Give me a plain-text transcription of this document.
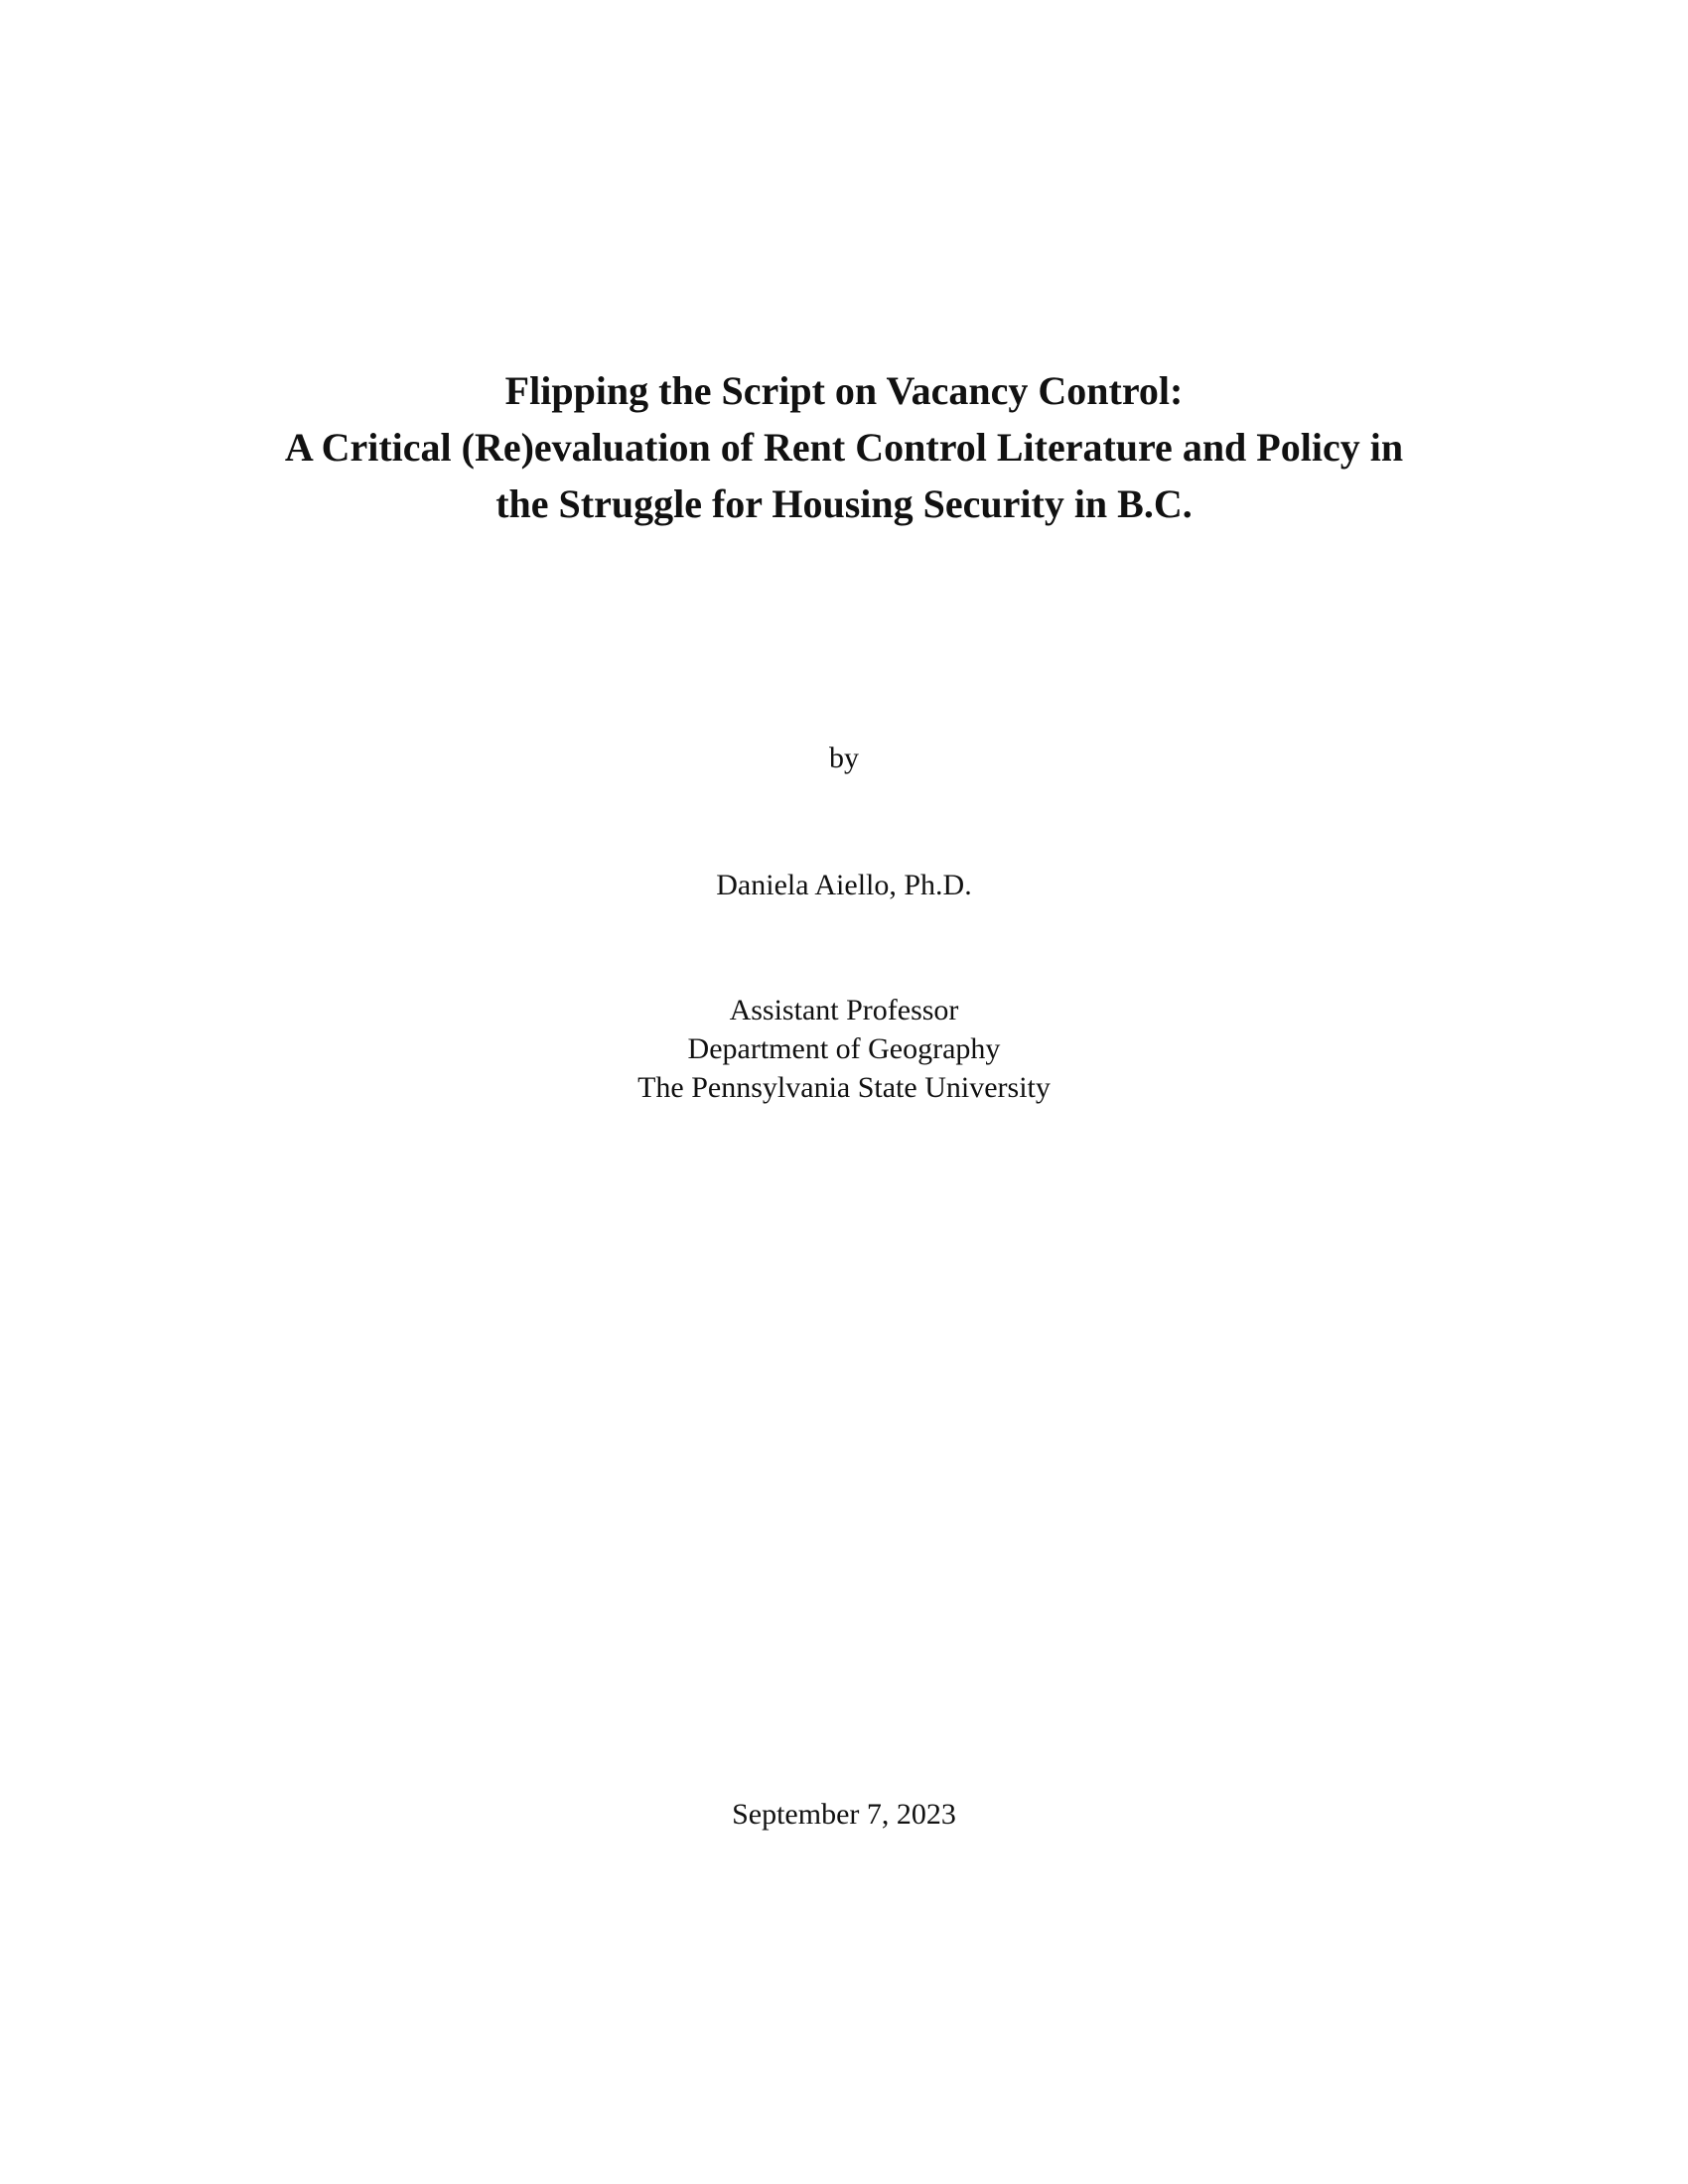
Flipping the Script on Vacancy Control:
A Critical (Re)evaluation of Rent Control Literature and Policy in
the Struggle for Housing Security in B.C.
by
Daniela Aiello, Ph.D.
Assistant Professor
Department of Geography
The Pennsylvania State University
September 7, 2023
